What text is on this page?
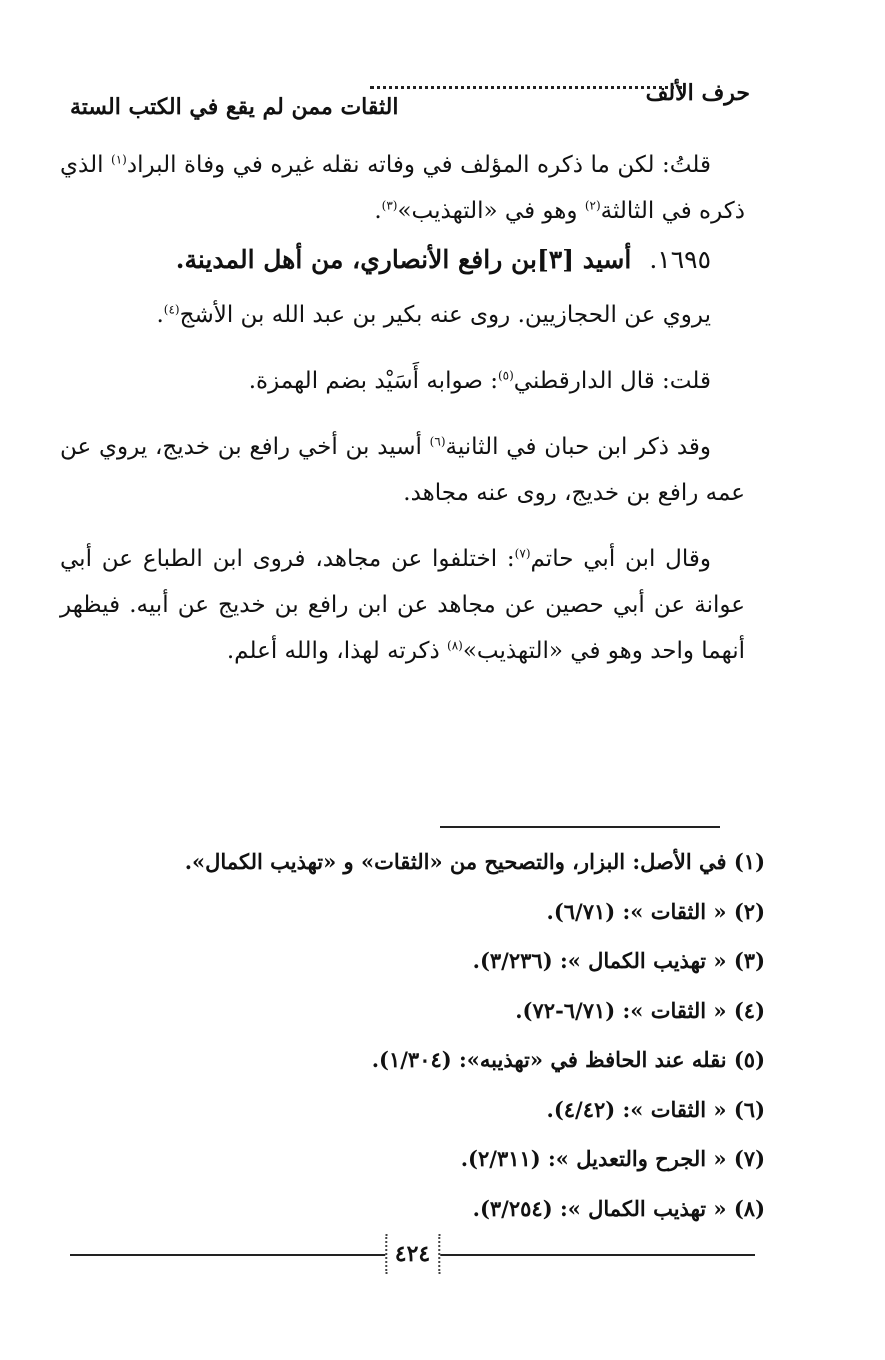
حرف الألف
الثقات ممن لم يقع في الكتب الستة

قلتُ: لكن ما ذكره المؤلف في وفاته نقله غيره في وفاة البراد$^{(١)}$ الذي ذكره في الثالثة$^{(٢)}$ وهو في «التهذيب»$^{(٣)}$.

١٦٩٥.أسيد [٣]بن رافع الأنصاري، من أهل المدينة.

يروي عن الحجازيين. روى عنه بكير بن عبد الله بن الأشج$^{(٤)}$.

قلت: قال الدارقطني$^{(٥)}$: صوابه أَسَيْد بضم الهمزة.

وقد ذكر ابن حبان في الثانية$^{(٦)}$ أسيد بن أخي رافع بن خديج، يروي عن عمه رافع بن خديج، روى عنه مجاهد.

وقال ابن أبي حاتم$^{(٧)}$: اختلفوا عن مجاهد، فروى ابن الطباع عن أبي عوانة عن أبي حصين عن مجاهد عن ابن رافع بن خديج عن أبيه. فيظهر أنهما واحد وهو في «التهذيب»$^{(٨)}$ ذكرته لهذا، والله أعلم.

(١) في الأصل: البزار، والتصحيح من «الثقات» و «تهذيب الكمال».
(٢) « الثقات »: (٦/٧١).
(٣) « تهذيب الكمال »: (٣/٢٣٦).
(٤) « الثقات »: (٦/٧١-٧٢).
(٥) نقله عند الحافظ في «تهذيبه»: (١/٣٠٤).
(٦) « الثقات »: (٤/٤٢).
(٧) « الجرح والتعديل »: (٢/٣١١).
(٨) « تهذيب الكمال »: (٣/٢٥٤).
٤٢٤
